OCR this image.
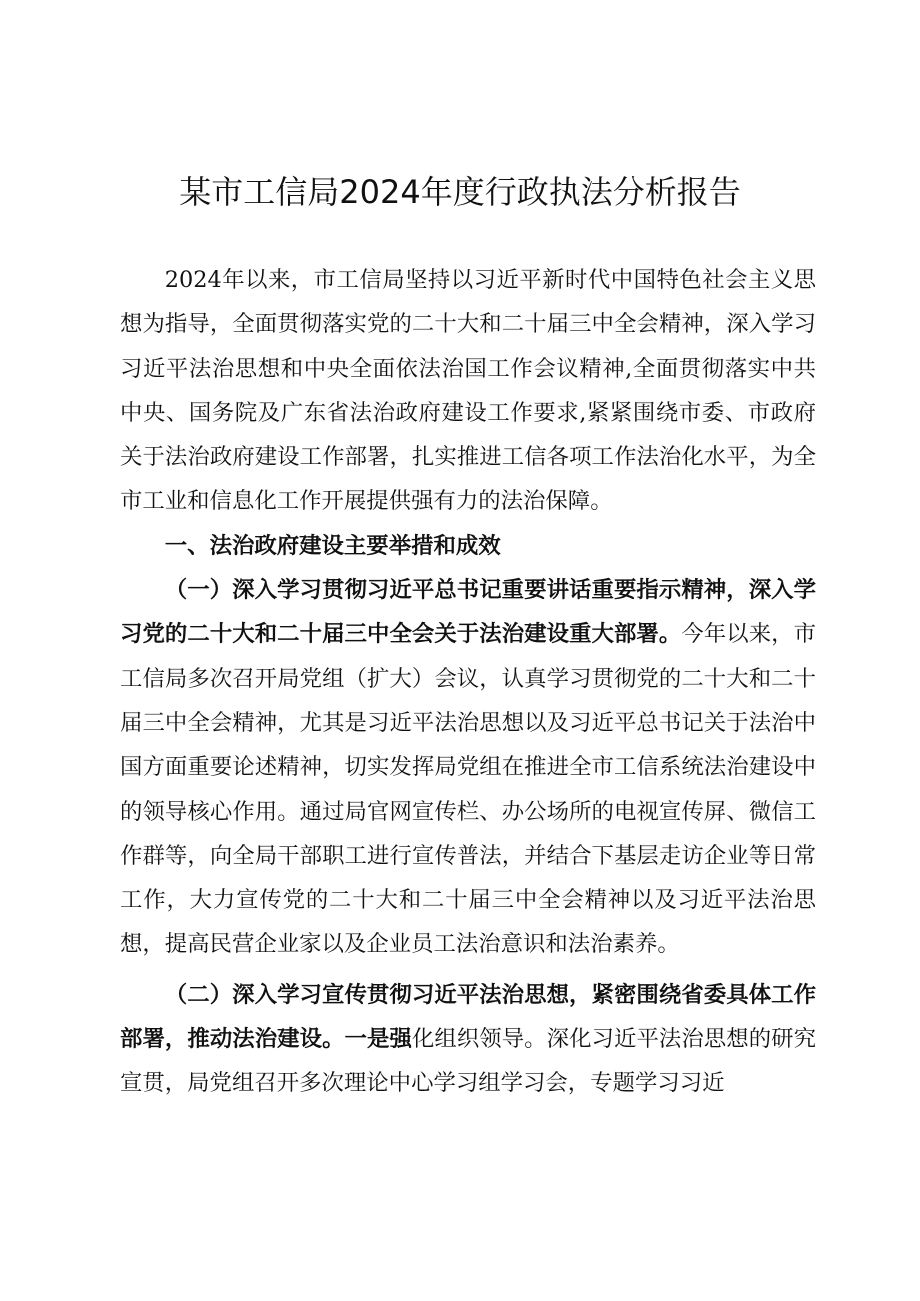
某市工信局2024年度行政执法分析报告

2024年以来，市工信局坚持以习近平新时代中国特色社会主义思想为指导，全面贯彻落实党的二十大和二十届三中全会精神，深入学习习近平法治思想和中央全面依法治国工作会议精神,全面贯彻落实中共中央、国务院及广东省法治政府建设工作要求,紧紧围绕市委、市政府关于法治政府建设工作部署，扎实推进工信各项工作法治化水平，为全市工业和信息化工作开展提供强有力的法治保障。

一、法治政府建设主要举措和成效

（一）深入学习贯彻习近平总书记重要讲话重要指示精神，深入学习党的二十大和二十届三中全会关于法治建设重大部署。今年以来，市工信局多次召开局党组（扩大）会议，认真学习贯彻党的二十大和二十届三中全会精神，尤其是习近平法治思想以及习近平总书记关于法治中国方面重要论述精神，切实发挥局党组在推进全市工信系统法治建设中的领导核心作用。通过局官网宣传栏、办公场所的电视宣传屏、微信工作群等，向全局干部职工进行宣传普法，并结合下基层走访企业等日常工作，大力宣传党的二十大和二十届三中全会精神以及习近平法治思想，提高民营企业家以及企业员工法治意识和法治素养。

（二）深入学习宣传贯彻习近平法治思想，紧密围绕省委具体工作部署，推动法治建设。一是强化组织领导。深化习近平法治思想的研究宣贯，局党组召开多次理论中心学习组学习会，专题学习习近
